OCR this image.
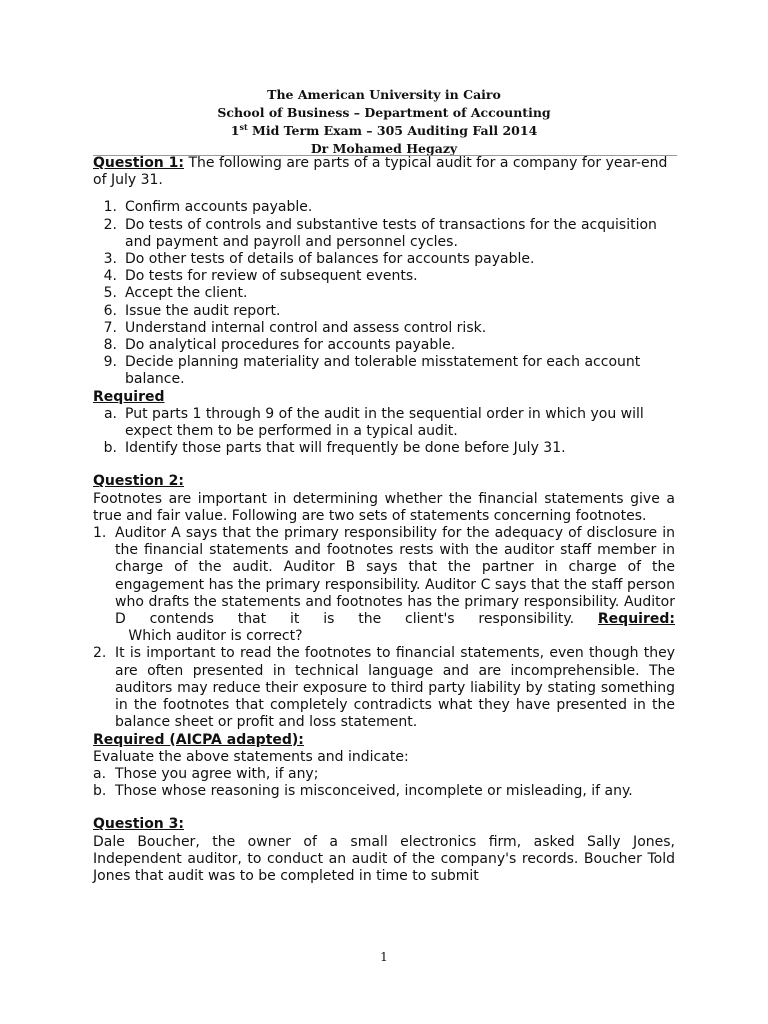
The American University in Cairo
School of Business – Department of Accounting
1st Mid Term Exam – 305 Auditing Fall 2014
Dr Mohamed Hegazy
Question 1: The following are parts of a typical audit for a company for year-end of July 31.
1. Confirm accounts payable.
2. Do tests of controls and substantive tests of transactions for the acquisition and payment and payroll and personnel cycles.
3. Do other tests of details of balances for accounts payable.
4. Do tests for review of subsequent events.
5. Accept the client.
6. Issue the audit report.
7. Understand internal control and assess control risk.
8. Do analytical procedures for accounts payable.
9. Decide planning materiality and tolerable misstatement for each account balance.
Required
a. Put parts 1 through 9 of the audit in the sequential order in which you will expect them to be performed in a typical audit.
b. Identify those parts that will frequently be done before July 31.
Question 2:
Footnotes are important in determining whether the financial statements give a true and fair value. Following are two sets of statements concerning footnotes.
1. Auditor A says that the primary responsibility for the adequacy of disclosure in the financial statements and footnotes rests with the auditor staff member in charge of the audit. Auditor B says that the partner in charge of the engagement has the primary responsibility. Auditor C says that the staff person who drafts the statements and footnotes has the primary responsibility. Auditor D contends that it is the client's responsibility. Required:   Which auditor is correct?
2. It is important to read the footnotes to financial statements, even though they are often presented in technical language and are incomprehensible. The auditors may reduce their exposure to third party liability by stating something in the footnotes that completely contradicts what they have presented in the balance sheet or profit and loss statement.
Required (AICPA adapted):
Evaluate the above statements and indicate:
a. Those you agree with, if any;
b. Those whose reasoning is misconceived, incomplete or misleading, if any.
Question 3:
Dale Boucher, the owner of a small electronics firm, asked Sally Jones, Independent auditor, to conduct an audit of the company's records. Boucher Told Jones that audit was to be completed in time to submit
1
